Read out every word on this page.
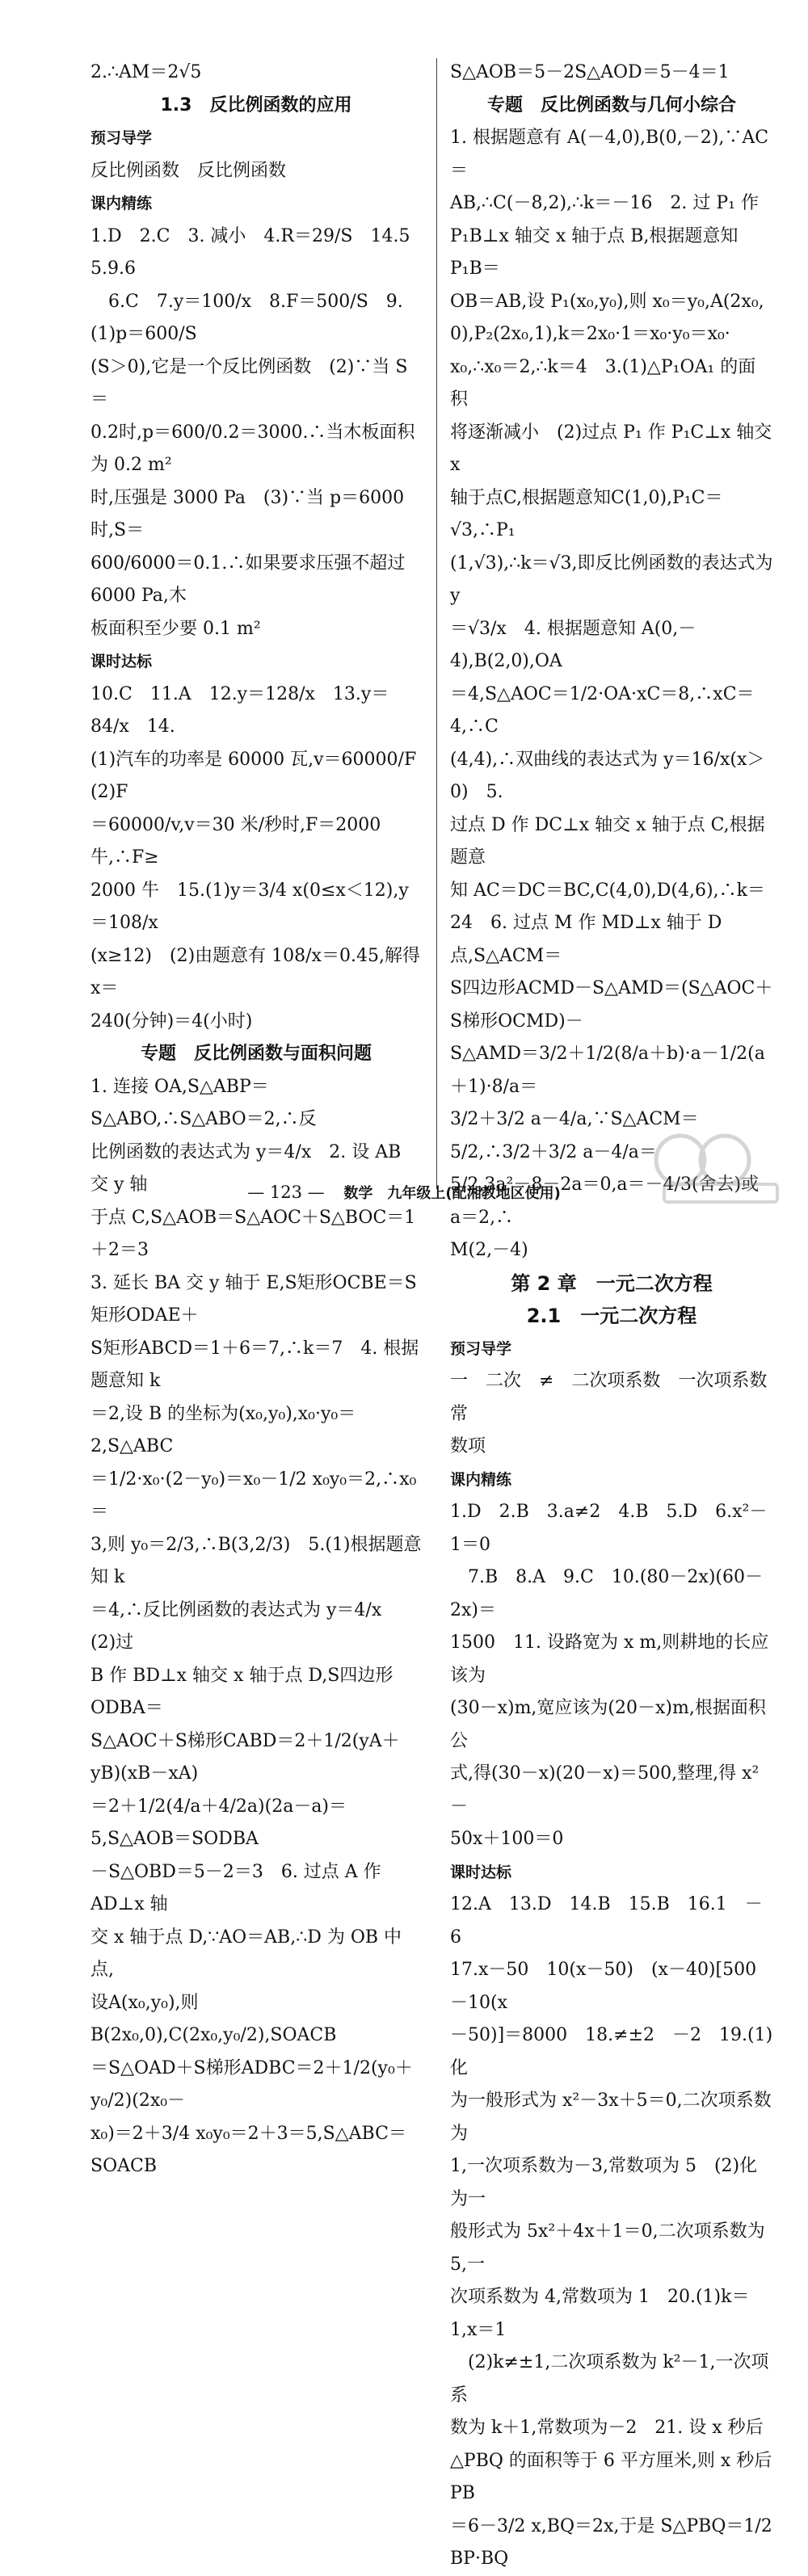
2.∴AM＝2√5

1.3　反比例函数的应用

预习导学

反比例函数　反比例函数

课内精练

1.D　2.C　3. 减小　4.R＝29/S　14.5　5.9.6

　6.C　7.y＝100/x　8.F＝500/S　9.(1)p＝600/S

(S＞0),它是一个反比例函数　(2)∵当 S＝

0.2时,p＝600/0.2＝3000.∴当木板面积为 0.2 m²

时,压强是 3000 Pa　(3)∵当 p＝6000 时,S＝

600/6000＝0.1.∴如果要求压强不超过 6000 Pa,木

板面积至少要 0.1 m²

课时达标

10.C　11.A　12.y＝128/x　13.y＝84/x　14.

(1)汽车的功率是 60000 瓦,v＝60000/F　(2)F

＝60000/v,v＝30 米/秒时,F＝2000 牛,∴F≥

2000 牛　15.(1)y＝3/4 x(0≤x＜12),y＝108/x

(x≥12)　(2)由题意有 108/x＝0.45,解得 x＝

240(分钟)＝4(小时)

专题　反比例函数与面积问题

1. 连接 OA,S△ABP＝S△ABO,∴S△ABO＝2,∴反

比例函数的表达式为 y＝4/x　2. 设 AB 交 y 轴

于点 C,S△AOB＝S△AOC＋S△BOC＝1＋2＝3

3. 延长 BA 交 y 轴于 E,S矩形OCBE＝S矩形ODAE＋

S矩形ABCD＝1＋6＝7,∴k＝7　4. 根据题意知 k

＝2,设 B 的坐标为(x₀,y₀),x₀·y₀＝2,S△ABC

＝1/2·x₀·(2－y₀)＝x₀－1/2 x₀y₀＝2,∴x₀＝

3,则 y₀＝2/3,∴B(3,2/3)　5.(1)根据题意知 k

＝4,∴反比例函数的表达式为 y＝4/x　(2)过

B 作 BD⊥x 轴交 x 轴于点 D,S四边形ODBA＝

S△AOC＋S梯形CABD＝2＋1/2(yA＋yB)(xB－xA)

＝2＋1/2(4/a＋4/2a)(2a－a)＝5,S△AOB＝SODBA

－S△OBD＝5－2＝3　6. 过点 A 作 AD⊥x 轴

交 x 轴于点 D,∵AO＝AB,∴D 为 OB 中点,

设A(x₀,y₀),则 B(2x₀,0),C(2x₀,y₀/2),SOACB

＝S△OAD＋S梯形ADBC＝2＋1/2(y₀＋y₀/2)(2x₀－

x₀)＝2＋3/4 x₀y₀＝2＋3＝5,S△ABC＝SOACB

S△AOB＝5－2S△AOD＝5－4＝1

专题　反比例函数与几何小综合

1. 根据题意有 A(－4,0),B(0,－2),∵AC＝

AB,∴C(－8,2),∴k＝－16　2. 过 P₁ 作

P₁B⊥x 轴交 x 轴于点 B,根据题意知 P₁B＝

OB＝AB,设 P₁(x₀,y₀),则 x₀＝y₀,A(2x₀,

0),P₂(2x₀,1),k＝2x₀·1＝x₀·y₀＝x₀·

x₀,∴x₀＝2,∴k＝4　3.(1)△P₁OA₁ 的面积

将逐渐减小　(2)过点 P₁ 作 P₁C⊥x 轴交 x

轴于点C,根据题意知C(1,0),P₁C＝√3,∴P₁

(1,√3),∴k＝√3,即反比例函数的表达式为 y

＝√3/x　4. 根据题意知 A(0,－4),B(2,0),OA

＝4,S△AOC＝1/2·OA·xC＝8,∴xC＝4,∴C

(4,4),∴双曲线的表达式为 y＝16/x(x＞0)　5.

过点 D 作 DC⊥x 轴交 x 轴于点 C,根据题意

知 AC＝DC＝BC,C(4,0),D(4,6),∴k＝

24　6. 过点 M 作 MD⊥x 轴于 D 点,S△ACM＝

S四边形ACMD－S△AMD＝(S△AOC＋S梯形OCMD)－

S△AMD＝3/2＋1/2(8/a＋b)·a－1/2(a＋1)·8/a＝

3/2＋3/2 a－4/a,∵S△ACM＝5/2,∴3/2＋3/2 a－4/a＝

5/2,3a²－8－2a＝0,a＝－4/3(舍去)或 a＝2,∴

M(2,－4)

第 2 章　一元二次方程

2.1　一元二次方程

预习导学

一　二次　≠　二次项系数　一次项系数　常

数项

课内精练

1.D　2.B　3.a≠2　4.B　5.D　6.x²－1＝0

　7.B　8.A　9.C　10.(80－2x)(60－2x)＝

1500　11. 设路宽为 x m,则耕地的长应该为

(30－x)m,宽应该为(20－x)m,根据面积公

式,得(30－x)(20－x)＝500,整理,得 x²－

50x＋100＝0

课时达标

12.A　13.D　14.B　15.B　16.1　－6

17.x－50　10(x－50)　(x－40)[500－10(x

－50)]＝8000　18.≠±2　－2　19.(1)化

为一般形式为 x²－3x＋5＝0,二次项系数为

1,一次项系数为－3,常数项为 5　(2)化为一

般形式为 5x²＋4x＋1＝0,二次项系数为 5,一

次项系数为 4,常数项为 1　20.(1)k＝1,x＝1

　(2)k≠±1,二次项系数为 k²－1,一次项系

数为 k＋1,常数项为－2　21. 设 x 秒后

△PBQ 的面积等于 6 平方厘米,则 x 秒后 PB

＝6－3/2 x,BQ＝2x,于是 S△PBQ＝1/2 BP·BQ

— 123 — 数学　九年级上(配湘教地区使用)
